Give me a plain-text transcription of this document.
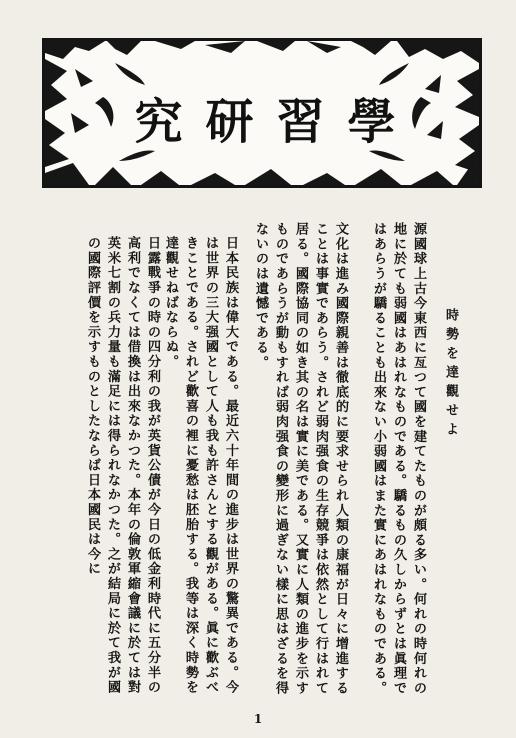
究 研 習 學
時勢を達觀せよ
源國球上古今東西に亙つて國を建てたものが頗る多い。何れの時何れの地に於ても弱國はあはれなものである。驕るもの久しからずとは眞理ではあらうが驕ることも出來ない小弱國はまた實にあはれなものである。
文化は進み國際親善は徹底的に要求せられ人類の康福が日々に增進することは事實であらう。されど弱肉强食の生存競爭は依然として行はれて居る。國際協同の如き其の名は實に美である。又實に人類の進步を示すものであらうが動もすれば弱肉强食の變形に過ぎない樣に思はざるを得ないのは遺憾である。
日本民族は偉大である。最近六十年間の進步は世界の驚異である。今は世界の三大强國として人も我も許さんとする觀がある。眞に歡ぶべきことである。されど歡喜の裡に憂愁は胚胎する。我等は深く時勢を達觀せねばならぬ。
日露戰爭の時の四分利の我が英貨公債が今日の低金利時代に五分半の高利でなくては借換は出來なかつた。本年の倫敦軍縮會議に於ては對英米七割の兵力量も滿足には得られなかつた。之が結局に於て我が國の國際評價を示すものとしたならば日本國民は今に
1
